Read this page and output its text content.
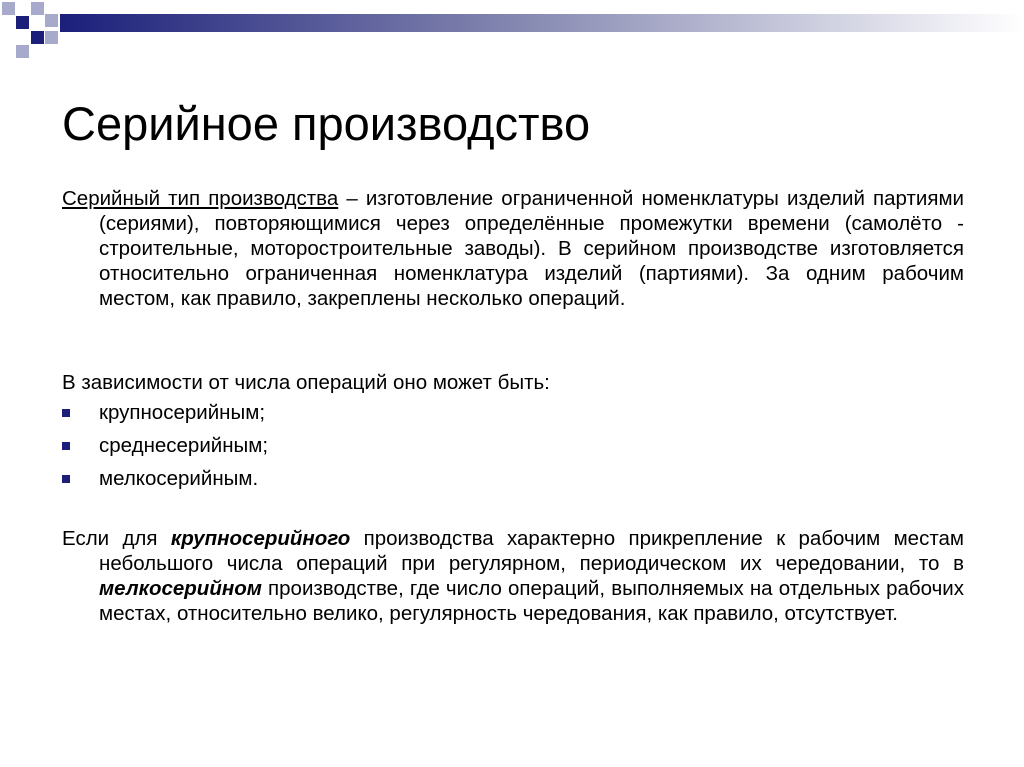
Серийное производство

Серийный тип производства – изготовление ограниченной номенклатуры изделий партиями (сериями), повторяющимися через определённые промежутки времени (самолёто - строительные, моторостроительные заводы). В серийном производстве изготовляется относительно ограниченная номенклатура изделий (партиями). За одним рабочим местом, как правило, закреплены несколько операций.

В зависимости от числа операций оно может быть:

крупносерийным;
среднесерийным;
мелкосерийным.

Если для крупносерийного производства характерно прикрепление к рабочим местам небольшого числа операций при регулярном, периодическом их чередовании, то в мелкосерийном производстве, где число операций, выполняемых на отдельных рабочих местах, относительно велико, регулярность чередования, как правило, отсутствует.
